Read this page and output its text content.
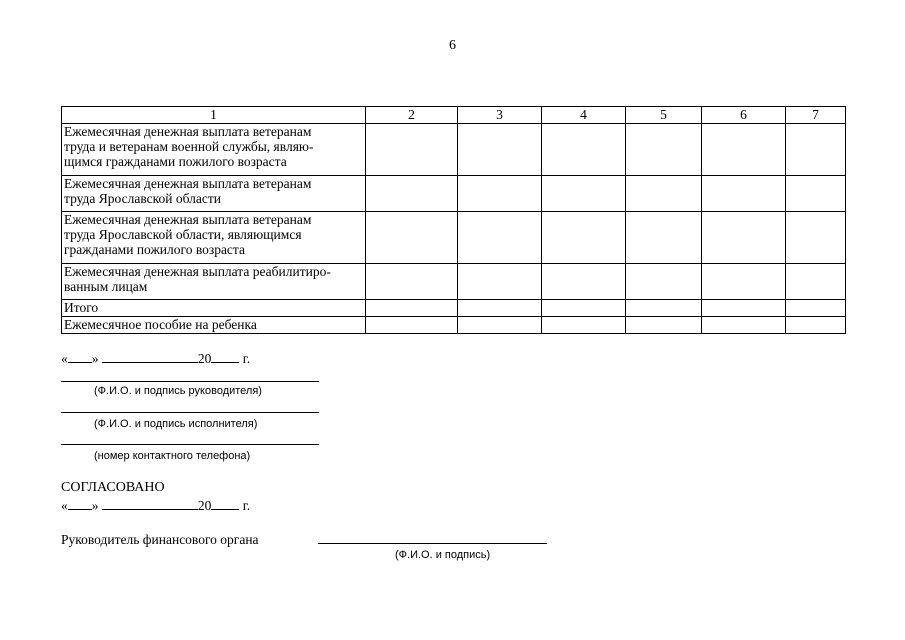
6
1	2	3	4	5	6	7

Ежемесячная денежная выплата ветеранам
труда и ветеранам военной службы, являю-
щимся гражданами пожилого возраста						

Ежемесячная денежная выплата ветеранам
труда Ярославской области						

Ежемесячная денежная выплата ветеранам
труда Ярославской области, являющимся
гражданами пожилого возраста						

Ежемесячная денежная выплата реабилитиро-
ванным лицам						

Итого						

Ежемесячное пособие на ребенка						

« »	20 г.
(Ф.И.О. и подпись руководителя)
(Ф.И.О. и подпись исполнителя)
(номер контактного телефона)
СОГЛАСОВАНО
« »	20 г.
Руководитель финансового органа
(Ф.И.О. и подпись)
